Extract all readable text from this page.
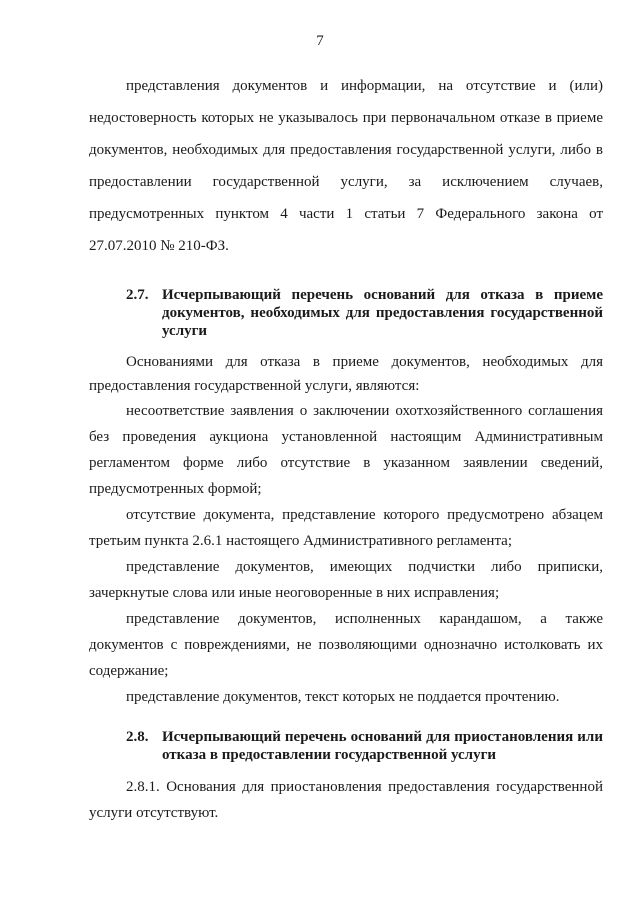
7

представления документов и информации, на отсутствие и (или) недостоверность которых не указывалось при первоначальном отказе в приеме документов, необходимых для предоставления государственной услуги, либо в предоставлении государственной услуги, за исключением случаев, предусмотренных пунктом 4 части 1 статьи 7 Федерального закона от 27.07.2010 № 210-ФЗ.

2.7. Исчерпывающий перечень оснований для отказа в приеме документов, необходимых для предоставления государственной услуги

Основаниями для отказа в приеме документов, необходимых для предоставления государственной услуги, являются:

несоответствие заявления о заключении охотхозяйственного соглашения без проведения аукциона установленной настоящим Административным регламентом форме либо отсутствие в указанном заявлении сведений, предусмотренных формой;

отсутствие документа, представление которого предусмотрено абзацем третьим пункта 2.6.1 настоящего Административного регламента;

представление документов, имеющих подчистки либо приписки, зачеркнутые слова или иные неоговоренные в них исправления;

представление документов, исполненных карандашом, а также документов с повреждениями, не позволяющими однозначно истолковать их содержание;

представление документов, текст которых не поддается прочтению.

2.8. Исчерпывающий перечень оснований для приостановления или отказа в предоставлении государственной услуги

2.8.1. Основания для приостановления предоставления государственной услуги отсутствуют.
